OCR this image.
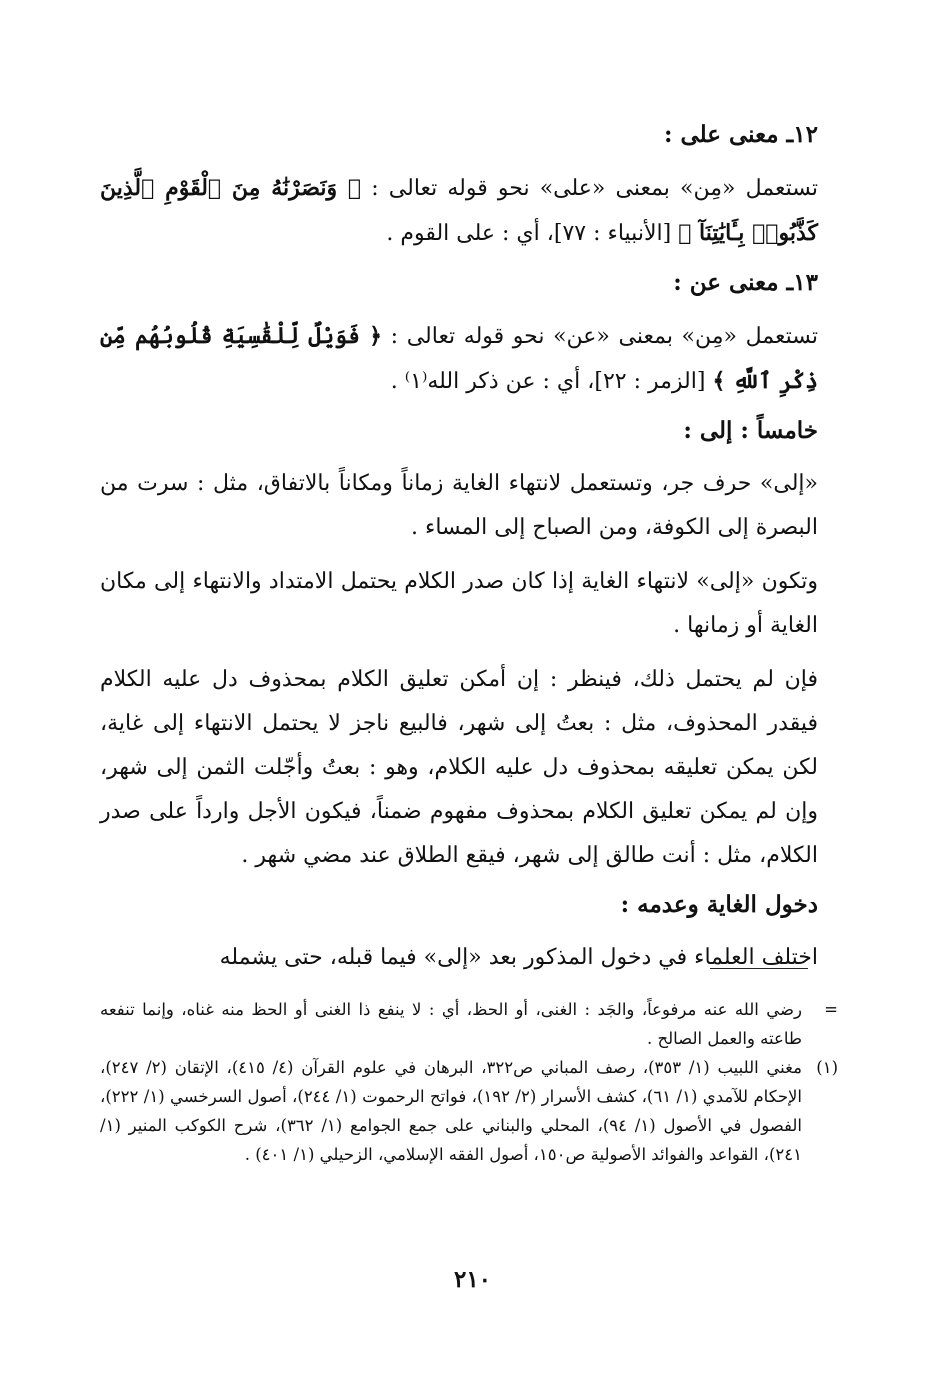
١٢ـ معنى على :

تستعمل «مِن» بمعنى «على» نحو قوله تعالى : ﴿ وَنَصَرْنَٰهُ مِنَ ٱلْقَوْمِ ٱلَّذِينَ كَذَّبُوا۟ بِـَٔايَٰتِنَآ ﴾ [الأنبياء : ٧٧]، أي : على القوم .

١٣ـ معنى عن :

تستعمل «مِن» بمعنى «عن» نحو قوله تعالى : ﴿ فَوَيْلٌ لِّلْقَٰسِيَةِ قُلُوبُهُم مِّن ذِكْرِ ٱللَّهِ ﴾ [الزمر : ٢٢]، أي : عن ذكر الله⁽١⁾ .

خامساً : إلى :

«إلى» حرف جر، وتستعمل لانتهاء الغاية زماناً ومكاناً بالاتفاق، مثل : سرت من البصرة إلى الكوفة، ومن الصباح إلى المساء .

وتكون «إلى» لانتهاء الغاية إذا كان صدر الكلام يحتمل الامتداد والانتهاء إلى مكان الغاية أو زمانها .

فإن لم يحتمل ذلك، فينظر : إن أمكن تعليق الكلام بمحذوف دل عليه الكلام فيقدر المحذوف، مثل : بعتُ إلى شهر، فالبيع ناجز لا يحتمل الانتهاء إلى غاية، لكن يمكن تعليقه بمحذوف دل عليه الكلام، وهو : بعتُ وأجّلت الثمن إلى شهر، وإن لم يمكن تعليق الكلام بمحذوف مفهوم ضمناً، فيكون الأجل وارداً على صدر الكلام، مثل : أنت طالق إلى شهر، فيقع الطلاق عند مضي شهر .

دخول الغاية وعدمه :

اختلف العلماء في دخول المذكور بعد «إلى» فيما قبله، حتى يشمله

=
رضي الله عنه مرفوعاً، والجَد : الغنى، أو الحظ، أي : لا ينفع ذا الغنى أو الحظ منه غناه، وإنما تنفعه طاعته والعمل الصالح .
(١)
مغني اللبيب (١/ ٣٥٣)، رصف المباني ص٣٢٢، البرهان في علوم القرآن (٤/ ٤١٥)، الإتقان (٢/ ٢٤٧)، الإحكام للآمدي (١/ ٦١)، كشف الأسرار (٢/ ١٩٢)، فواتح الرحموت (١/ ٢٤٤)، أصول السرخسي (١/ ٢٢٢)، الفصول في الأصول (١/ ٩٤)، المحلي والبناني على جمع الجوامع (١/ ٣٦٢)، شرح الكوكب المنير (١/ ٢٤١)، القواعد والفوائد الأصولية ص١٥٠، أصول الفقه الإسلامي، الزحيلي (١/ ٤٠١) .
٢١٠
